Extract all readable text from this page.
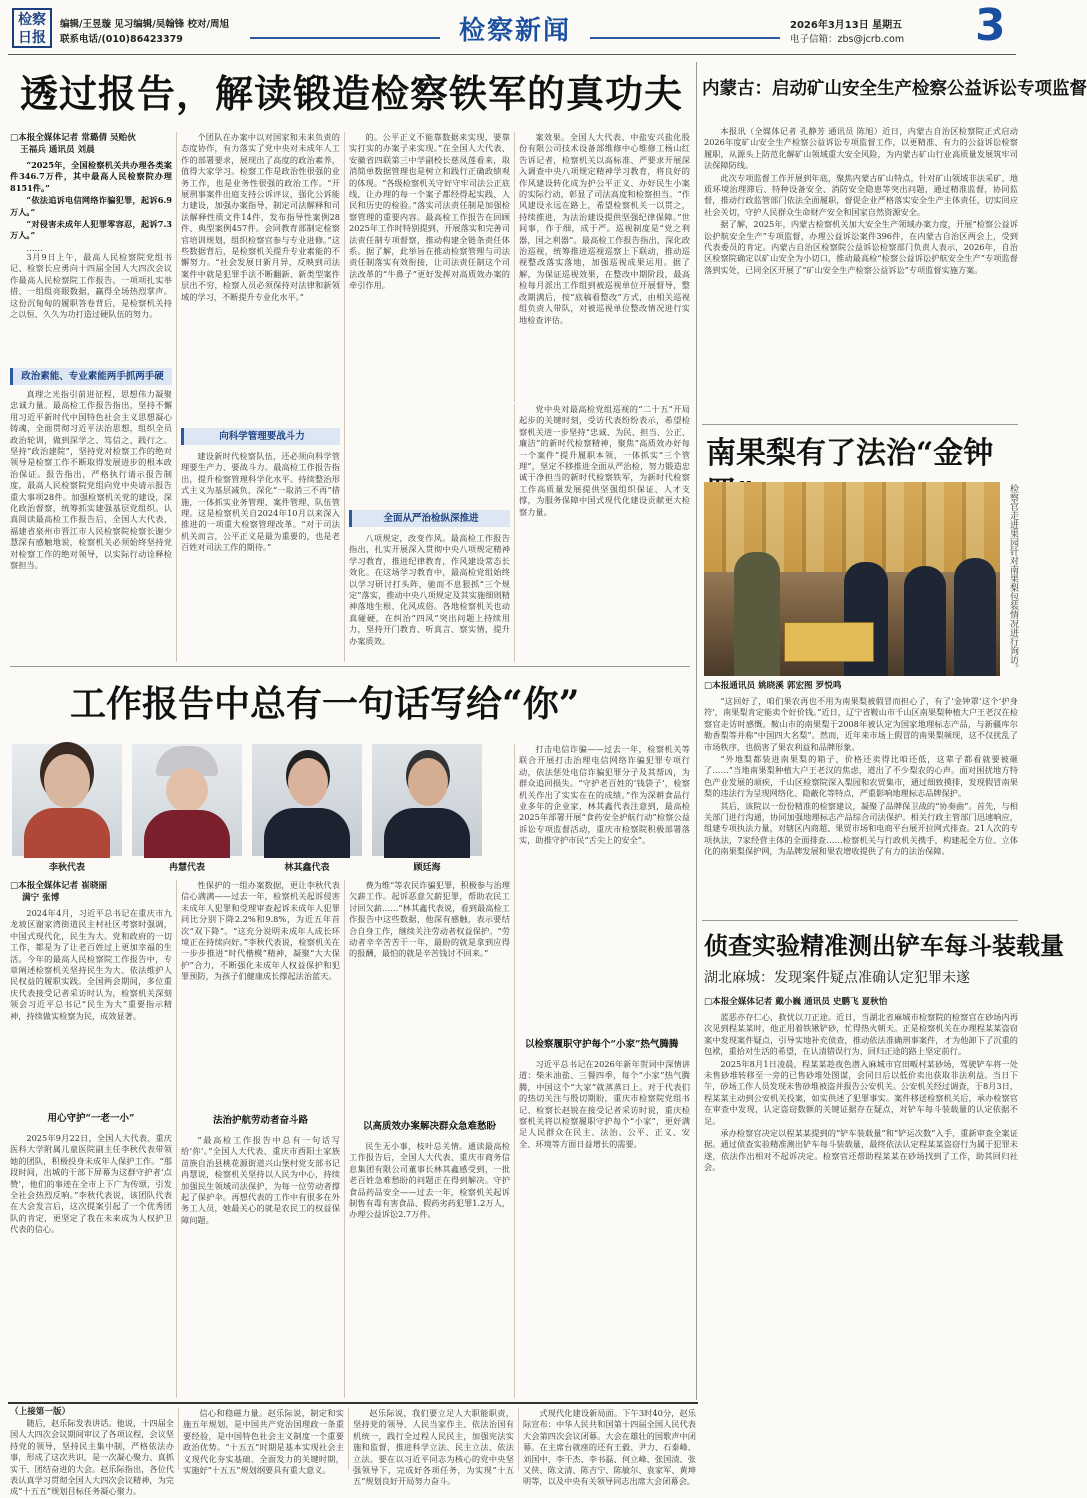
检察日报
编辑/王昱璇 见习编辑/吴翰锋 校对/周旭
联系电话/(010)86423379	检察新闻	2026年3月13日 星期五
电子信箱：zbs@jcrb.com 3
透过报告，解读锻造检察铁军的真功夫
□本报全媒体记者 常璐倩 吴贻伙
王福兵 通讯员 刘晨

“2025年，全国检察机关共办理各类案件346.7万件，其中最高人民检察院办理8151件。”

“依法追诉电信网络诈骗犯罪，起诉6.9万人。”

“对侵害未成年人犯罪零容忍，起诉7.3万人。”

……

3月9日上午，最高人民检察院党组书记、检察长应勇向十四届全国人大四次会议作最高人民检察院工作报告。一项项扎实举措、一组组亮眼数据，赢得全场热烈掌声。这份沉甸甸的履职答卷背后，是检察机关持之以恒、久久为功打造过硬队伍的努力。

政治素能、专业素能两手抓两手硬

真理之光指引前进征程，思想伟力凝聚忠诚力量。最高检工作报告指出，坚持不懈用习近平新时代中国特色社会主义思想凝心铸魂，全面贯彻习近平法治思想，组织全员政治轮训，做到深学之、笃信之、践行之。坚持“政治建院”，坚持党对检察工作的绝对领导是检察工作不断取得发展进步的根本政治保证。报告指出，严格执行请示报告制度，最高人民检察院党组向党中央请示报告重大事项28件。加强检察机关党的建设，深化政治督察，统筹抓实建强基层党组织。认真阅读最高检工作报告后，全国人大代表、福建省泉州市晋江市人民检察院检察长谢少慧深有感触地说，检察机关必须始终坚持党对检察工作的绝对领导，以实际行动诠释检察担当。

个团队在办案中以对国家和未来负责的态度协作，有力落实了党中央对未成年人工作的部署要求，展现出了高度的政治素养，值得大家学习。检察工作是政治性很强的业务工作，也是业务性很强的政治工作。“开展刑事案件出庭支持公诉评议，强化公诉能力建设，加强办案指导，制定司法解释和司法解释性质文件14件，发布指导性案例28件、典型案例457件。会同教育部制定检察官培训规划，组织检察官参与专业进修。”这些数据背后，是检察机关提升专业素能的不懈努力。“社会发展日新月异，反映到司法案件中就是犯罪手法不断翻新、新类型案件层出不穷，检察人员必须保持对法律和新领域的学习，不断提升专业化水平。”

向科学管理要战斗力

建设新时代检察队伍，还必须向科学管理要生产力、要战斗力。最高检工作报告指出，提升检察管理科学化水平。持续整治形式主义为基层减负，深化“一取消三不再”措施，一体抓实业务管理、案件管理、队伍管理。这是检察机关自2024年10月以来深入推进的一项重大检察管理改革。“对于司法机关而言，公平正义是最为重要的，也是老百姓对司法工作的期待。”

的。公平正义不能靠数据来实现，要靠实打实的办案子来实现。”在全国人大代表、安徽省四联第三中学副校长慈凤莲看来，取消简单数据管理也是树立和践行正确政绩观的体现。“各级检察机关守好守牢司法公正底线，让办理的每一个案子都经得起实践、人民和历史的检验。”落实司法责任制是加强检察管理的重要内容。最高检工作报告在回顾2025年工作时特别提到，开展落实和完善司法责任制专项督察，推动构建全链条责任体系。据了解，此举旨在推动检察管理与司法责任制落实有效衔接，让司法责任制这个司法改革的“牛鼻子”更好发挥对高质效办案的牵引作用。

全面从严治检纵深推进

八项规定，改变作风。最高检工作报告指出，扎实开展深入贯彻中央八项规定精神学习教育，推进纪律教育，作风建设常态长效化。在这场学习教育中，最高检党组始终以学习研讨打头阵，驰而不息狠抓“三个规定”落实，推动中央八项规定及其实施细则精神落地生根、化风成俗。各地检察机关也动真碰硬，在纠治“四风”突出问题上持续用力，坚持开门教育、听真言、察实情，提升办案质效。

案效果。全国人大代表、中盐安兴盐化股份有限公司技术设备部维修中心维修工杨山红告诉记者，检察机关以高标准、严要求开展深入调查中央八项规定精神学习教育，将良好的作风建设转化成为护公平正义、办好民生小案的实际行动，彰显了司法高度和检察担当。“作风建设永远在路上，希望检察机关一以贯之，持续推进，为法治建设提供坚强纪律保障。”世间事，作于细，成于严。巡视制度是“党之利器，国之利器”。最高检工作报告指出，深化政治巡视，统筹推进巡视巡察上下联动，推动巡视整改落实落地，加强巡视成果运用。据了解，为保证巡视效果，在整改中期阶段，最高检每月派出工作组到被巡视单位开展督导，整改期满后，按“底稿看整改”方式，由相关巡视组负责人带队，对被巡视单位整改情况进行实地检查评估。

党中央对最高检党组巡视的“二十五”开局起步的关键时刻，受访代表纷纷表示，希望检察机关进一步坚持“忠诚、为民、担当、公正、廉洁”的新时代检察精神，聚焦“高质效办好每一个案件”提升履职本领，一体抓实“三个管理”，坚定不移推进全面从严治检，努力锻造忠诚干净担当的新时代检察铁军，为新时代检察工作高质量发展提供坚强组织保证、人才支撑，为服务保障中国式现代化建设贡献更大检察力量。

内蒙古：启动矿山安全生产检察公益诉讼专项监督

本报讯（全媒体记者 孔静芳 通讯员 陈旭）近日，内蒙古自治区检察院正式启动2026年度矿山安全生产检察公益诉讼专项监督工作，以更精准、有力的公益诉讼检察履职，从源头上防范化解矿山领域重大安全风险，为内蒙古矿山行业高质量发展筑牢司法保障防线。

此次专项监督工作开展到年底，聚焦内蒙古矿山特点，针对矿山领域非法采矿、地质环境治理滞后、特种设备安全、消防安全隐患等突出问题，通过精准监督，协同监督，推动行政监管部门依法全面履职，督促企业严格落实安全生产主体责任，切实回应社会关切，守护人民群众生命财产安全和国家自然资源安全。

据了解，2025年，内蒙古检察机关加大安全生产领域办案力度，开展“检察公益诉讼护航安全生产”专项监督，办理公益诉讼案件396件，在内蒙古自治区两会上，受到代表委员的肯定。内蒙古自治区检察院公益诉讼检察部门负责人表示，2026年，自治区检察院确定以矿山安全为小切口，推动最高检“检察公益诉讼护航安全生产”专项监督落到实处，已同全区开展了“矿山安全生产检察公益诉讼”专项监督实施方案。

南果梨有了法治“金钟
检察官走进果园针对南果梨包装情况进行询访。
□本报通讯员 姚晓溪 郭宏图 罗悦鸣

“这回好了，咱们果农再也不用为南果梨被假冒而担心了，有了‘金钟罩’这个‘护身符’，南果梨肯定能卖个好价钱。”近日，辽宁省鞍山市千山区南果梨种植大户王老汉在检察官走访时感慨。鞍山市的南果梨于2008年被认定为国家地理标志产品，与新疆库尔勒香梨等并称“中国四大名梨”。然而，近年来市场上假冒的南果梨频现，这不仅扰乱了市场秩序，也损害了果农利益和品牌形象。

“外地梨都装进南果梨的箱子，价格还卖得比咱还低，这辈子都看就要被砸了……”当地南果梨种植大户王老汉的焦虑，道出了不少梨农的心声。面对困扰地方特色产业发展的顽疾，千山区检察院深入梨园和农贸集市，通过细致摸排，发现假冒南果梨的违法行为呈现网络化、隐蔽化等特点，严重影响地理标志品牌保护。

其后，该院以一份份精准的检察建议，凝聚了品牌保卫战的“协奏曲”。首先，与相关部门进行沟通，协同加强地理标志产品综合司法保护。相关行政主管部门迅速响应，组建专项执法力量，对辖区内商超、果贸市场和电商平台展开拉网式排查。21人次的专项执法，7家经营主体的全面排查……检察机关与行政机关携手，构建起全方位、立体化的南果梨保护网，为品牌发展和果农增收提供了有力的法治保障。

侦查实验精准测出铲车每斗装载量
湖北麻城：发现案件疑点准确认定犯罪未遂
□本报全媒体记者 戴小巍 通讯员 史鹏飞 夏秋怡

蓝恶亦存仁心，救忧以刀正途。近日，当湖北省麻城市检察院的检察官在砂场内再次见到程某某时，他正用着铁锹铲砂，忙得热火朝天。正是检察机关在办理程某某盗窃案中发现案件疑点，引导实地补充侦查，推动依法准确刑事案件，才为他卸下了沉重的包袱，重拾对生活的希望，在认清错误行为、回归正途的路上坚定前行。

2025年8月1日凌晨，程某某趁夜色潜入麻城市官田畈村某砂场，驾驶铲车将一处未售砂堆转移至一旁的已售砂堆处图谋，会同日后以低价卖出获取非法利益。当日下午，砂场工作人员发现未售砂堆被盗并报告公安机关。公安机关经过调查，于8月3日，程某某主动到公安机关投案，如实供述了犯罪事实。案件移送检察机关后，承办检察官在审查中发现，认定盗窃数额的关键证据存在疑点，对铲车每斗装载量的认定依据不足。

承办检察官决定以程某某提到的“铲车装载量”和“铲运次数”入手，重新审查全案证据。通过侦查实验精准测出铲车每斗装载量，最终依法认定程某某盗窃行为属于犯罪未遂，依法作出相对不起诉决定。检察官还帮助程某某在砂场找到了工作，助其回归社会。

工作报告中总有一句话写给“你”
李秋代表	冉慧代表	林其鑫代表	顾廷海
□本报全媒体记者 崔晓丽
满宁 张博

2024年4月，习近平总书记在重庆市九龙坡区谢家湾街道民主村社区考察时强调，中国式现代化，民生为大。党和政府的一切工作，都是为了让老百姓过上更加幸福的生活。今年的最高人民检察院工作报告中，专章阐述检察机关坚持民生为大、依法维护人民权益的履职实践。全国两会期间，多位重庆代表接受记者采访时认为，检察机关深刻领会习近平总书记“民生为大”重要指示精神，持续做实检察为民，成效显著。

用心守护“一老一小”

2025年9月22日，全国人大代表、重庆医科大学附属儿童医院副主任李秋代表带领她的团队，积极投身未成年人保护工作。“那段时间，出城的干部下屏幕为这群守护者‘点赞’，他们的事迹在全市上下广为传颂，引发全社会热烈反响。”李秋代表说，该团队代表在大会发言后，这次提案引起了一个优秀团队的肯定，更坚定了我在未来成为人权护卫代表的信心。

性保护的一组办案数据，更让李秋代表信心满满——过去一年，检察机关起诉侵害未成年人犯罪和受理审查起诉未成年人犯罪同比分别下降2.2%和9.8%，为近五年首次“双下降”。“这充分说明未成年人成长环境正在持续向好。”李秋代表说，检察机关在一步步推进“时代楷模”精神，凝聚“大大保护”合力，不断强化未成年人权益保护和犯罪预防，为孩子们健康成长撑起法治蓝天。

法治护航劳动者奋斗路

“最高检工作报告中总有一句话写给‘你’。”全国人大代表、重庆市酉阳土家族苗族自治县桃花源街道兴山堡村党支部书记冉慧说，检察机关坚持以人民为中心，持续加强民生领域司法保护，为每一位劳动者撑起了保护伞。再想代表的工作中有很多在外务工人员，她最关心的就是农民工的权益保障问题。

费为维“等农民诈骗犯罪，积极参与治理欠薪工作。起诉恶意欠薪犯罪，帮助农民工讨回欠薪……”林其鑫代表说，看到最高检工作报告中这些数据，他深有感触，表示要结合自身工作，继续关注劳动者权益保护。“劳动者辛辛苦苦干一年，最盼的就是拿到应得的报酬，最怕的就是辛苦钱讨不回来。”

以高质效办案解决群众急难愁盼

民生无小事，枝叶总关情。通读最高检工作报告后，全国人大代表、重庆市商务信息集团有限公司董事长林其鑫感受到，一批老百姓急难愁盼的问题正在得到解决。守护食品药品安全——过去一年，检察机关起诉制售有毒有害食品、假药劣药犯罪1.2万人，办理公益诉讼2.7万件。

打击电信诈骗——过去一年，检察机关等联合开展打击治理电信网络诈骗犯罪专项行动，依法惩处电信诈骗犯罪分子及其帮凶，为群众追回损失。“守护老百姓的‘钱袋子’，检察机关作出了实实在在的成绩。”作为深耕食品行业多年的企业家，林其鑫代表注意到，最高检2025年部署开展“食药安全护航行动”检察公益诉讼专项监督活动，重庆市检察院积极部署落实，助推守护市民“舌尖上的安全”。

以检察履职守护每个“小家”热气腾腾

习近平总书记在2026年新年贺词中深情讲道：柴米油盐、三餐四季，每个“小家”热气腾腾，中国这个“大家”就蒸蒸日上。对于代表们的热切关注与殷切期盼，重庆市检察院党组书记、检察长赵锐在接受记者采访时说，重庆检察机关将以检察履职守护每个“小家”，更好满足人民群众在民主、法治、公平、正义、安全、环境等方面日益增长的需要。

（上接第一版）

随后，赵乐际发表讲话。他说，十四届全国人大四次会议期间审议了各项议程，会议坚持党的领导，坚持民主集中制，严格依法办事，形成了这次共识，是一次凝心聚力、真抓实干、团结奋进的大会。赵乐际指出，各位代表认真学习贯彻全国人大四次会议精神，为完成“十五五”规划目标任务凝心聚力。

信心和稳磁力量。赵乐际说，制定和实施五年规划，是中国共产党治国理政一条重要经验，是中国特色社会主义制度一个重要政治优势。“十五五”时期是基本实现社会主义现代化夯实基础、全面发力的关键时期，实施好“十五五”规划纲要具有重大意义。

赵乐际说，我们要立足人大职能职责，坚持党的领导、人民当家作主、依法治国有机统一，践行全过程人民民主，加强宪法实施和监督，推进科学立法、民主立法、依法立法。要在以习近平同志为核心的党中央坚强领导下，完成好各项任务，为实现“十五五”规划良好开局努力奋斗。

式现代化建设新局面。下午3时40分，赵乐际宣布：中华人民共和国第十四届全国人民代表大会第四次会议闭幕。大会在雄壮的国歌声中闭幕。在主席台就座的还有王毅、尹力、石泰峰、刘国中、李干杰、李书磊、何立峰、张国清、张又侠、陈文清、陈吉宁、陈敏尔、袁家军、黄坤明等，以及中央有关领导同志出席大会闭幕会。
